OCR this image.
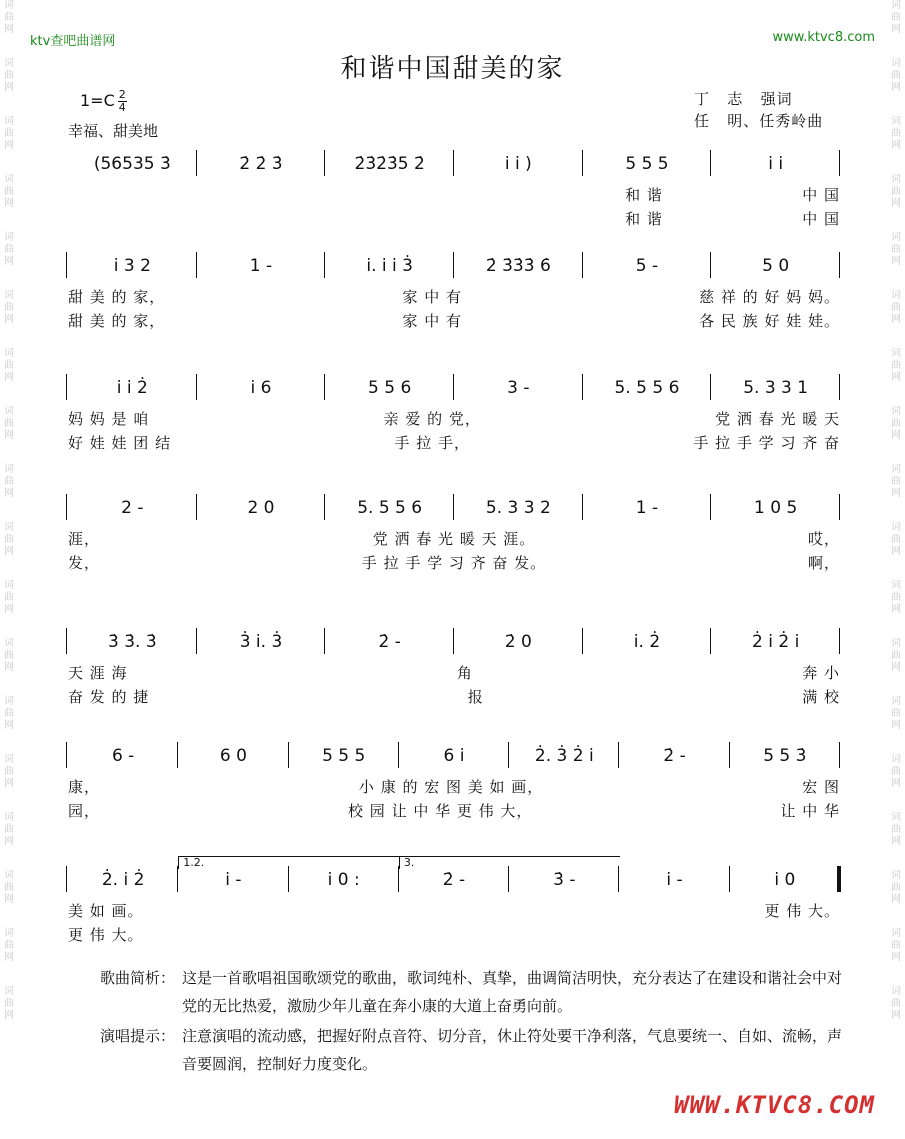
词
曲
网
词
曲
网
词
曲
网
词
曲
网
词
曲
网
词
曲
网
词
曲
网
词
曲
网
词
曲
网
词
曲
网
词
曲
网
词
曲
网
词
曲
网
词
曲
网
词
曲
网
词
曲
网
词
曲
网
词
曲
网
词
曲
网
词
曲
网
词
曲
网
词
曲
网
词
曲
网
词
曲
网
词
曲
网
词
曲
网
词
曲
网
词
曲
网
词
曲
网
词
曲
网
词
曲
网
词
曲
网
词
曲
网
词
曲
网
词
曲
网
词
曲
网
ktv查吧曲谱网	www.ktvc8.com
和谐中国甜美的家
$1=C \frac{2}{4}$
幸福、甜美地
丁   志   强词
任   明、任秀岭曲
(56535 3̇	2̇ 2̇ 3̇	2̇3̇2̇3̇5 2̇	i i )	5 5 5	i i
和 谐	中 国
和 谐	中 国
i 3 2	1 -	i. i i 3̇	2̇ 3̇3̇3̇ 6̇	5 -	5 0
甜 美 的 家，	家 中 有	慈 祥 的 好 妈 妈。
甜 美 的 家，	家 中 有	各 民 族 好 娃 娃。
i i 2̇	i 6	5 5 6	3 -	5. 5 5 6	5. 3 3 1
妈 妈 是 咱	亲 爱 的 党，	党 洒 春 光 暖 天
好 娃 娃 团 结	手 拉 手，	手 拉 手 学 习 齐 奋
2 -	2 0	5. 5 5 6	5. 3 3 2	1 -	1 0 5
涯，	党 洒 春 光 暖 天 涯。	哎，
发，	手 拉 手 学 习 齐 奋 发。	啊，
3̇ 3̇. 3̇	3̇ i. 3̇	2̇ -	2̇ 0	i. 2̇	2̇ i 2̇ i
天 涯 海	角	奔 小
奋 发 的 捷	报	满 校
6 -	6 0	5 5 5	6 i	2̇. 3̇ 2̇ i	2̇ -	5 5 3̇
康，	小 康 的 宏 图 美 如 画，	宏 图
园，	校 园 让 中 华 更 伟 大，	让 中 华
2̇. i 2̇	i -	i 0 :	2̇ -	3̇ -	i -	i 0
1.2.	3.
美 如 画。	更 伟 大。
更 伟 大。
歌曲简析： 这是一首歌唱祖国歌颂党的歌曲，歌词纯朴、真挚，曲调简洁明快，充分表达了在建设和谐社会中对党的无比热爱，激励少年儿童在奔小康的大道上奋勇向前。
演唱提示： 注意演唱的流动感，把握好附点音符、切分音，休止符处要干净利落，气息要统一、自如、流畅，声音要圆润，控制好力度变化。
WWW.KTVC8.COM
